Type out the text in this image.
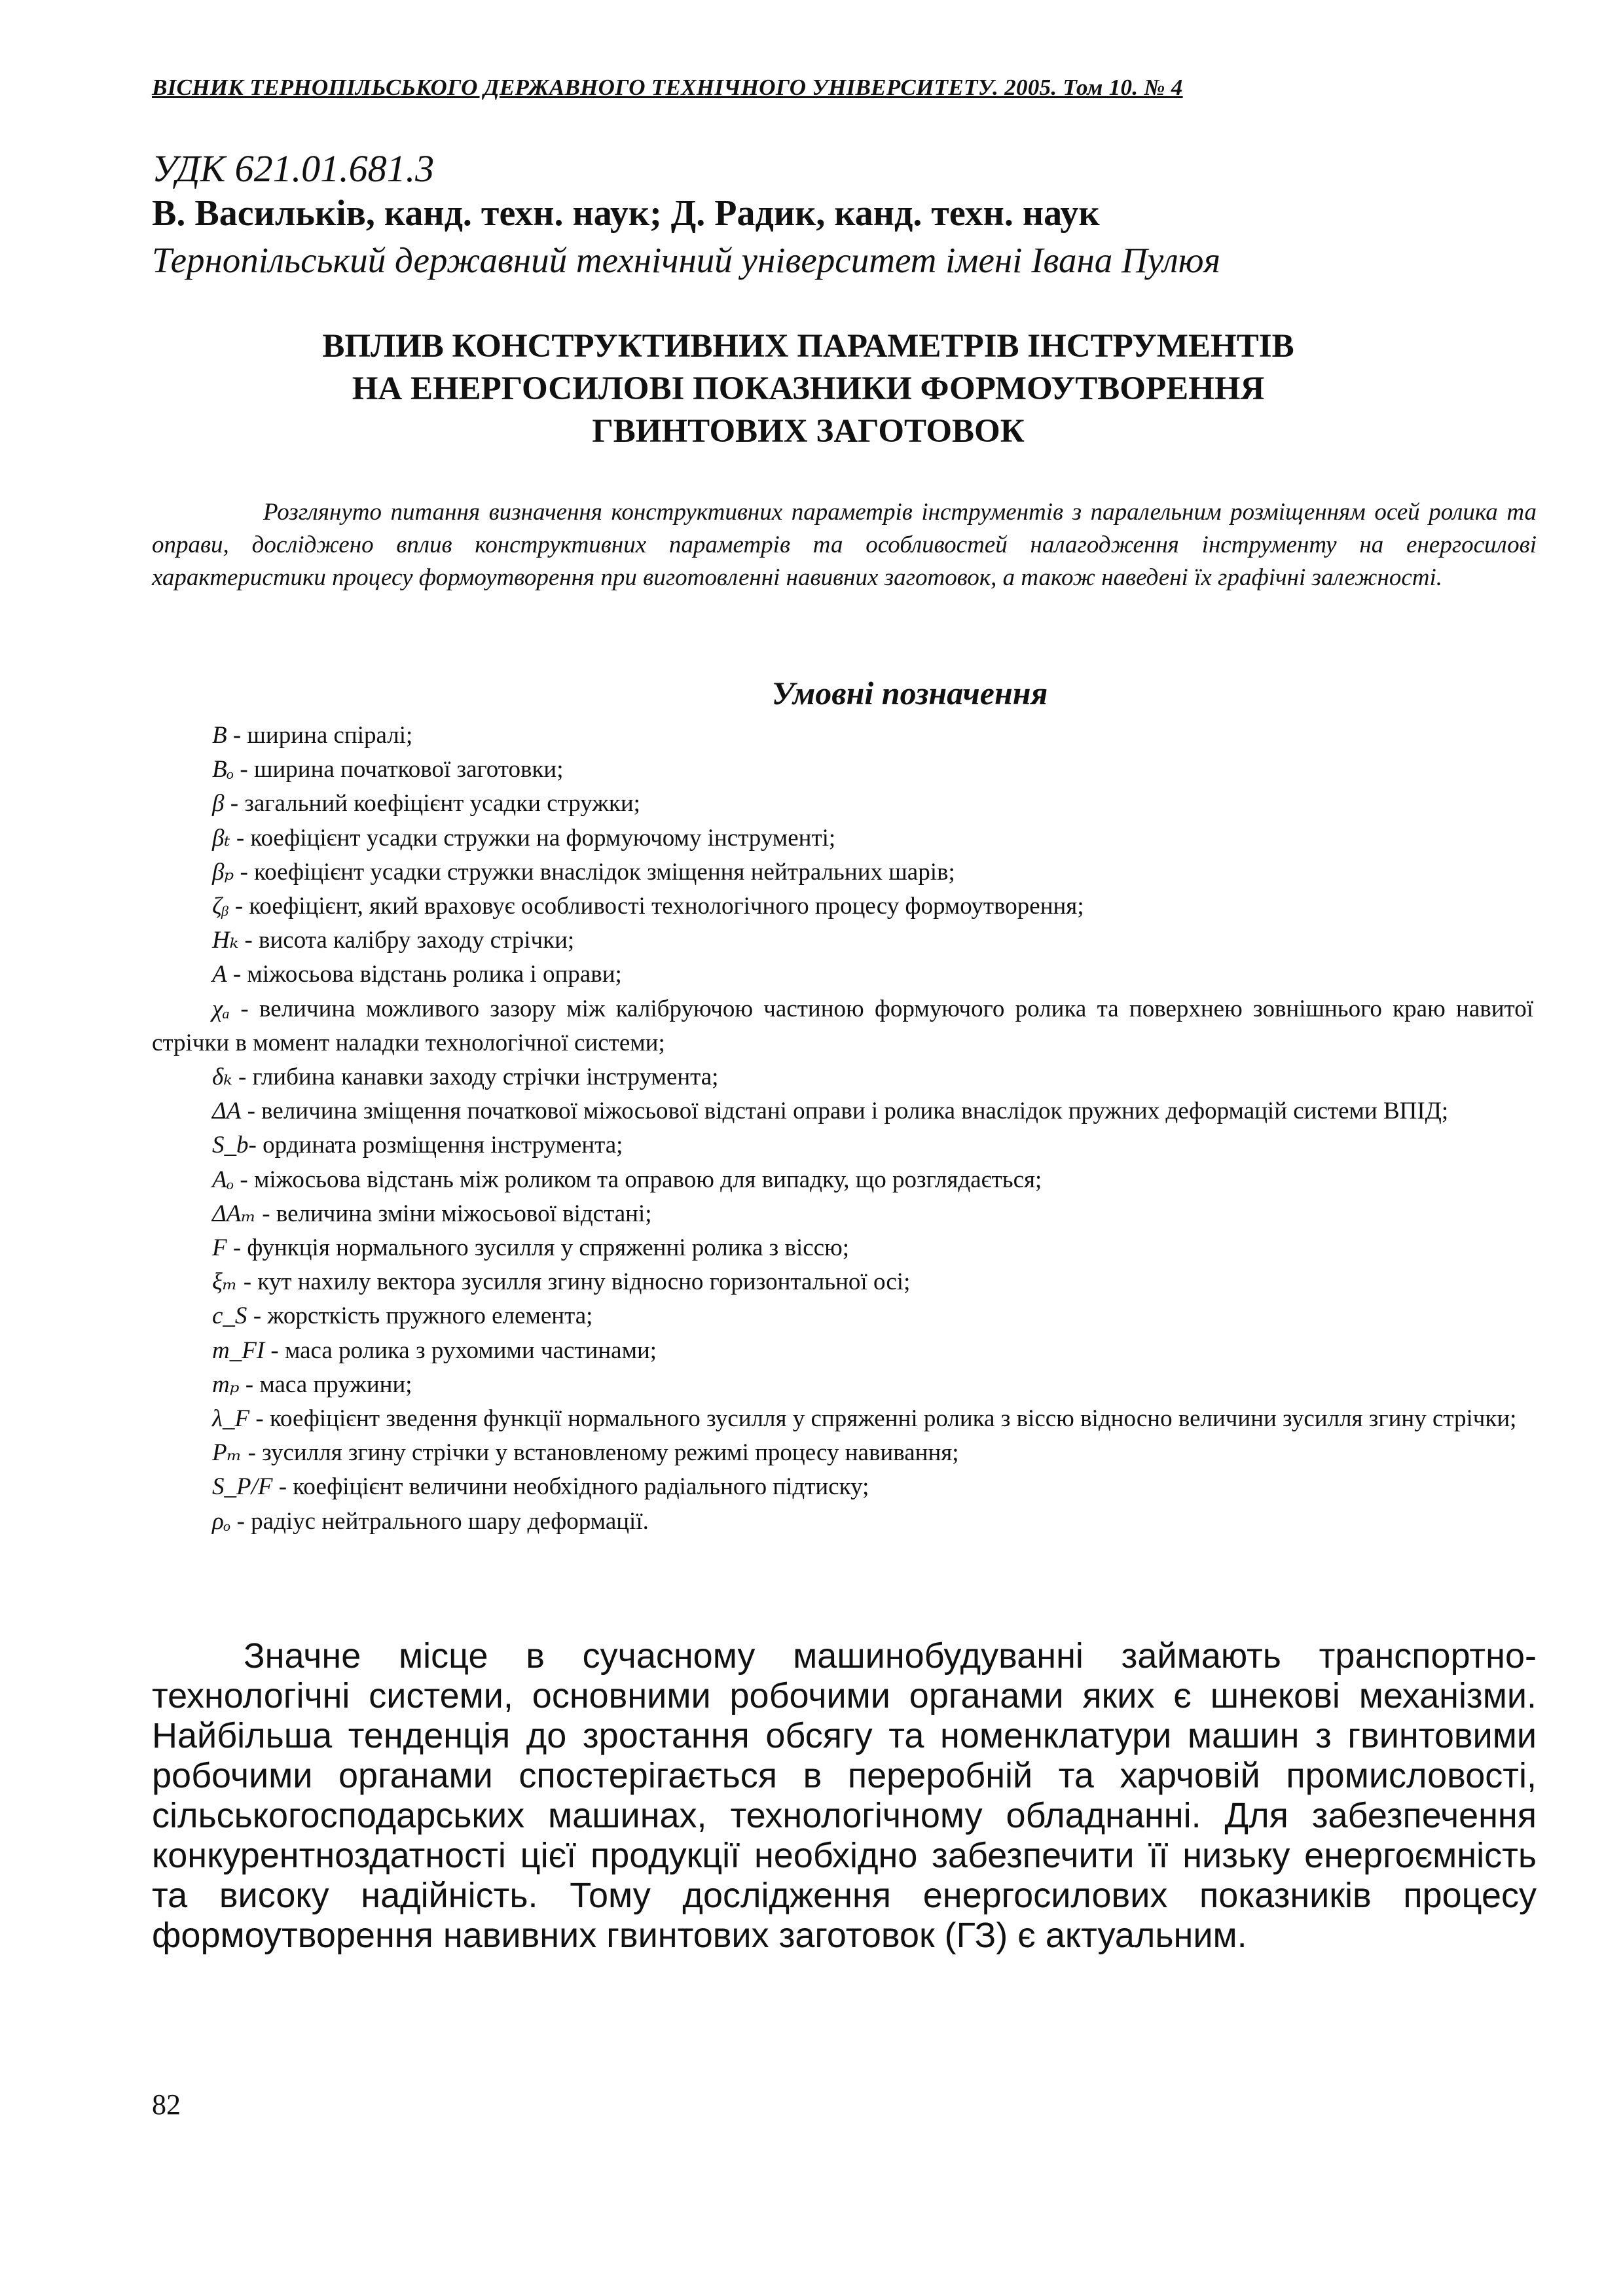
ВІСНИК ТЕРНОПІЛЬСЬКОГО ДЕРЖАВНОГО ТЕХНІЧНОГО УНІВЕРСИТЕТУ. 2005. Том 10. № 4
УДК 621.01.681.3
В. Васильків, канд. техн. наук; Д. Радик, канд. техн. наук
Тернопільський державний технічний університет імені Івана Пулюя
ВПЛИВ КОНСТРУКТИВНИХ ПАРАМЕТРІВ ІНСТРУМЕНТІВ
НА ЕНЕРГОСИЛОВІ ПОКАЗНИКИ ФОРМОУТВОРЕННЯ
ГВИНТОВИХ ЗАГОТОВОК

Розглянуто питання визначення конструктивних параметрів інструментів з паралельним розміщенням осей ролика та оправи, досліджено вплив конструктивних параметрів та особливостей налагодження інструменту на енергосилові характеристики процесу формоутворення при виготовленні навивних заготовок, а також наведені їх графічні залежності.

Умовні позначення
B - ширина спіралі;
Bₒ - ширина початкової заготовки;
β - загальний коефіцієнт усадки стружки;
βₜ - коефіцієнт усадки стружки на формуючому інструменті;
βₚ - коефіцієнт усадки стружки внаслідок зміщення нейтральних шарів;
ζᵦ - коефіцієнт, який враховує особливості технологічного процесу формоутворення;
Hₖ - висота калібру заходу стрічки;
A - міжосьова відстань ролика і оправи;
χₐ - величина можливого зазору між калібруючою частиною формуючого ролика та поверхнею зовнішнього краю навитої стрічки в момент наладки технологічної системи;
δₖ - глибина канавки заходу стрічки інструмента;
ΔA - величина зміщення початкової міжосьової відстані оправи і ролика внаслідок пружних деформацій системи ВПІД;
S_b- ордината розміщення інструмента;
Aₒ - міжосьова відстань між роликом та оправою для випадку, що розглядається;
ΔAₘ - величина зміни міжосьової відстані;
F - функція нормального зусилля у спряженні ролика з віссю;
ξₘ - кут нахилу вектора зусилля згину відносно горизонтальної осі;
c_S - жорсткість пружного елемента;
m_FI - маса ролика з рухомими частинами;
mₚ - маса пружини;
λ_F - коефіцієнт зведення функції нормального зусилля у спряженні ролика з віссю відносно величини зусилля згину стрічки;
Pₘ - зусилля згину стрічки у встановленому режимі процесу навивання;
S_P/F - коефіцієнт величини необхідного радіального підтиску;
ρₒ - радіус нейтрального шару деформації.

Значне місце в сучасному машинобудуванні займають транспортно-технологічні системи, основними робочими органами яких є шнекові механізми. Найбільша тенденція до зростання обсягу та номенклатури машин з гвинтовими робочими органами спостерігається в переробній та харчовій промисловості, сільськогосподарських машинах, технологічному обладнанні. Для забезпечення конкурентноздатності цієї продукції необхідно забезпечити її низьку енергоємність та високу надійність. Тому дослідження енергосилових показників процесу формоутворення навивних гвинтових заготовок (ГЗ) є актуальним.

82
